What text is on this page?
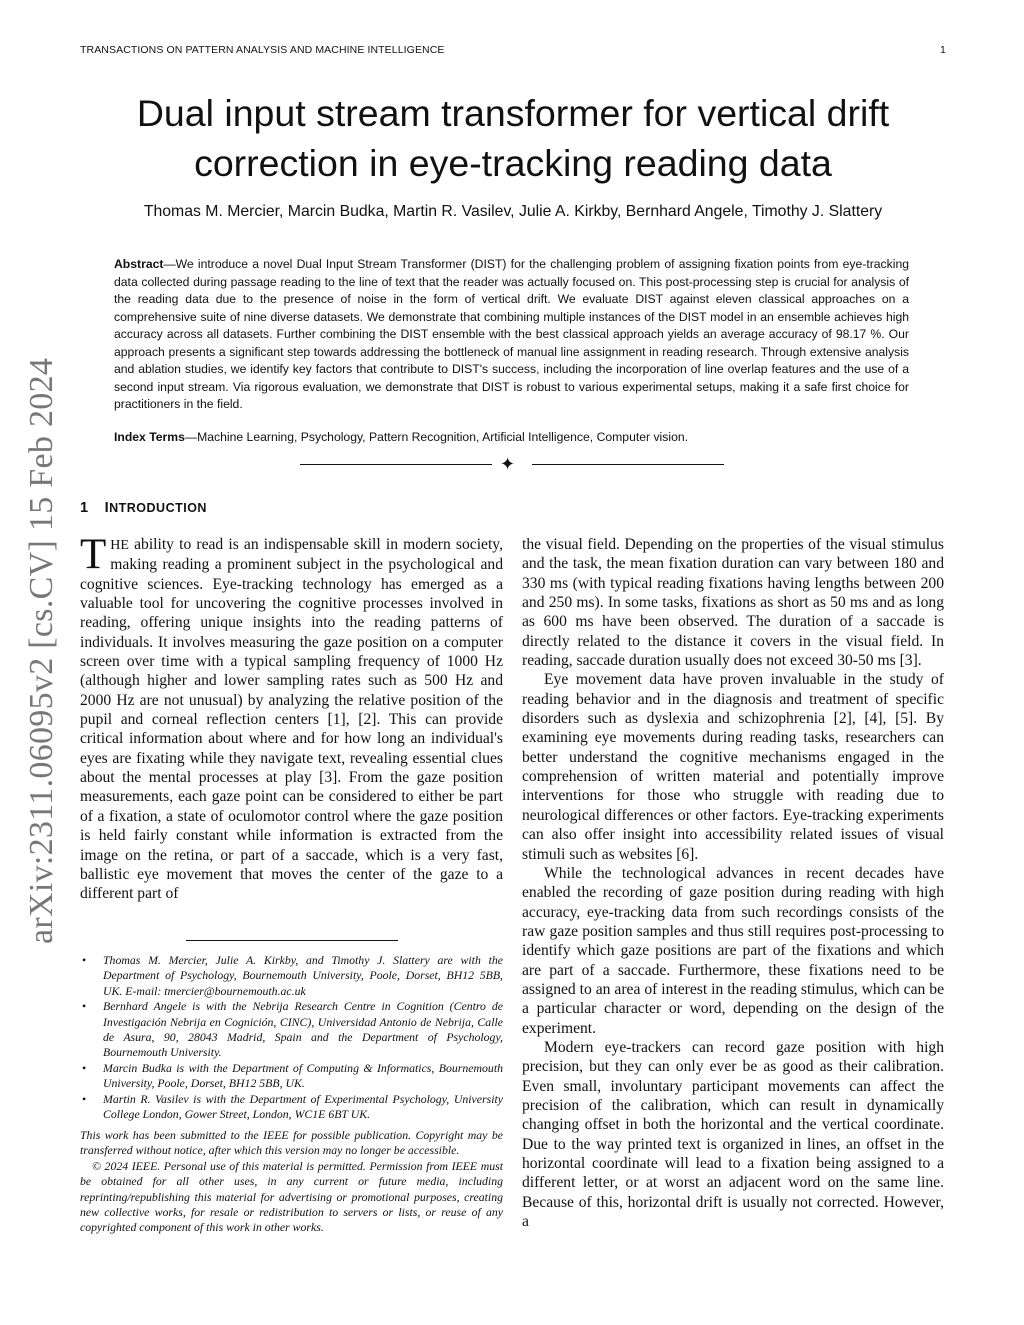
TRANSACTIONS ON PATTERN ANALYSIS AND MACHINE INTELLIGENCE	1
arXiv:2311.06095v2 [cs.CV] 15 Feb 2024
Dual input stream transformer for vertical drift
correction in eye-tracking reading data
Thomas M. Mercier, Marcin Budka, Martin R. Vasilev, Julie A. Kirkby, Bernhard Angele, Timothy J. Slattery

Abstract—We introduce a novel Dual Input Stream Transformer (DIST) for the challenging problem of assigning fixation points from eye-tracking data collected during passage reading to the line of text that the reader was actually focused on. This post-processing step is crucial for analysis of the reading data due to the presence of noise in the form of vertical drift. We evaluate DIST against eleven classical approaches on a comprehensive suite of nine diverse datasets. We demonstrate that combining multiple instances of the DIST model in an ensemble achieves high accuracy across all datasets. Further combining the DIST ensemble with the best classical approach yields an average accuracy of 98.17 %. Our approach presents a significant step towards addressing the bottleneck of manual line assignment in reading research. Through extensive analysis and ablation studies, we identify key factors that contribute to DIST's success, including the incorporation of line overlap features and the use of a second input stream. Via rigorous evaluation, we demonstrate that DIST is robust to various experimental setups, making it a safe first choice for practitioners in the field.

Index Terms—Machine Learning, Psychology, Pattern Recognition, Artificial Intelligence, Computer vision.

✦
1 INTRODUCTION

THE ability to read is an indispensable skill in modern society, making reading a prominent subject in the psychological and cognitive sciences. Eye-tracking technology has emerged as a valuable tool for uncovering the cognitive processes involved in reading, offering unique insights into the reading patterns of individuals. It involves measuring the gaze position on a computer screen over time with a typical sampling frequency of 1000 Hz (although higher and lower sampling rates such as 500 Hz and 2000 Hz are not unusual) by analyzing the relative position of the pupil and corneal reflection centers [1], [2]. This can provide critical information about where and for how long an individual's eyes are fixating while they navigate text, revealing essential clues about the mental processes at play [3]. From the gaze position measurements, each gaze point can be considered to either be part of a fixation, a state of oculomotor control where the gaze position is held fairly constant while information is extracted from the image on the retina, or part of a saccade, which is a very fast, ballistic eye movement that moves the center of the gaze to a different part of

the visual field. Depending on the properties of the visual stimulus and the task, the mean fixation duration can vary between 180 and 330 ms (with typical reading fixations having lengths between 200 and 250 ms). In some tasks, fixations as short as 50 ms and as long as 600 ms have been observed. The duration of a saccade is directly related to the distance it covers in the visual field. In reading, saccade duration usually does not exceed 30-50 ms [3].

Eye movement data have proven invaluable in the study of reading behavior and in the diagnosis and treatment of specific disorders such as dyslexia and schizophrenia [2], [4], [5]. By examining eye movements during reading tasks, researchers can better understand the cognitive mechanisms engaged in the comprehension of written material and potentially improve interventions for those who struggle with reading due to neurological differences or other factors. Eye-tracking experiments can also offer insight into accessibility related issues of visual stimuli such as websites [6].

While the technological advances in recent decades have enabled the recording of gaze position during reading with high accuracy, eye-tracking data from such recordings consists of the raw gaze position samples and thus still requires post-processing to identify which gaze positions are part of the fixations and which are part of a saccade. Furthermore, these fixations need to be assigned to an area of interest in the reading stimulus, which can be a particular character or word, depending on the design of the experiment.

Modern eye-trackers can record gaze position with high precision, but they can only ever be as good as their calibration. Even small, involuntary participant movements can affect the precision of the calibration, which can result in dynamically changing offset in both the horizontal and the vertical coordinate. Due to the way printed text is organized in lines, an offset in the horizontal coordinate will lead to a fixation being assigned to a different letter, or at worst an adjacent word on the same line. Because of this, horizontal drift is usually not corrected. However, a

• Thomas M. Mercier, Julie A. Kirkby, and Timothy J. Slattery are with the Department of Psychology, Bournemouth University, Poole, Dorset, BH12 5BB, UK. E-mail: tmercier@bournemouth.ac.uk
• Bernhard Angele is with the Nebrija Research Centre in Cognition (Centro de Investigación Nebrija en Cognición, CINC), Universidad Antonio de Nebrija, Calle de Asura, 90, 28043 Madrid, Spain and the Department of Psychology, Bournemouth University.
• Marcin Budka is with the Department of Computing & Informatics, Bournemouth University, Poole, Dorset, BH12 5BB, UK.
• Martin R. Vasilev is with the Department of Experimental Psychology, University College London, Gower Street, London, WC1E 6BT UK.

This work has been submitted to the IEEE for possible publication. Copyright may be transferred without notice, after which this version may no longer be accessible.

© 2024 IEEE. Personal use of this material is permitted. Permission from IEEE must be obtained for all other uses, in any current or future media, including reprinting/republishing this material for advertising or promotional purposes, creating new collective works, for resale or redistribution to servers or lists, or reuse of any copyrighted component of this work in other works.
